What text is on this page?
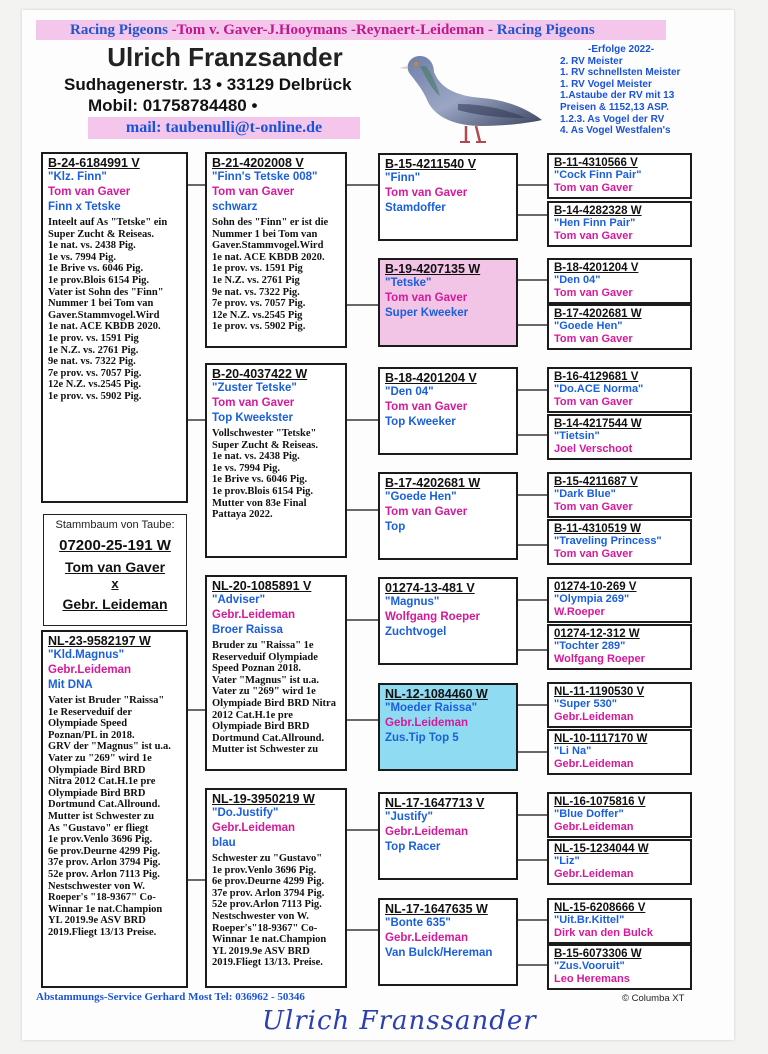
Racing Pigeons -Tom v. Gaver-J.Hooymans -Reynaert-Leideman - Racing Pigeons
Ulrich Franzsander
Sudhagenerstr. 13 • 33129 Delbrück
Mobil: 01758784480 •
mail: taubenulli@t-online.de
-Erfolge 2022-
2. RV Meister
1. RV schnellsten Meister
1. RV Vogel Meister
1.Astaube der RV mit 13
Preisen & 1152,13 ASP.
1.2.3. As Vogel der RV
4. As Vogel Westfalen's
B-24-6184991 V
"Klz. Finn"
Tom van Gaver
Finn x Tetske
Inteelt auf As "Tetske" ein
Super Zucht & Reiseas.
1e nat. vs. 2438 Pig.
1e vs. 7994 Pig.
1e Brive vs. 6046 Pig.
1e prov.Blois 6154 Pig.
Vater ist Sohn des "Finn"
Nummer 1 bei Tom van
Gaver.Stammvogel.Wird
1e nat. ACE KBDB 2020.
1e prov. vs. 1591 Pig
1e N.Z. vs. 2761 Pig.
9e nat. vs. 7322 Pig.
7e prov. vs. 7057 Pig.
12e N.Z. vs.2545 Pig.
1e prov. vs. 5902 Pig.
Stammbaum von Taube:
07200-25-191 W
Tom van Gaver
x
Gebr. Leideman
NL-23-9582197 W
"Kld.Magnus"
Gebr.Leideman
Mit DNA
Vater ist Bruder "Raissa"
1e Reserveduif der
Olympiade Speed
Poznan/PL in 2018.
GRV der "Magnus" ist u.a.
Vater zu "269" wird 1e
Olympiade Bird BRD
Nitra 2012 Cat.H.1e pre
Olympiade Bird BRD
Dortmund Cat.Allround.
Mutter ist Schwester zu
As "Gustavo" er fliegt
1e prov.Venlo 3696 Pig.
6e prov.Deurne 4299 Pig.
37e prov. Arlon 3794 Pig.
52e prov. Arlon 7113 Pig.
Nestschwester von W.
Roeper's "18-9367" Co-
Winnar 1e nat.Champion
YL 2019.9e ASV BRD
2019.Fliegt 13/13 Preise.
B-21-4202008 V
"Finn's Tetske 008"
Tom van Gaver
schwarz
Sohn des "Finn" er ist die
Nummer 1 bei Tom van
Gaver.Stammvogel.Wird
1e nat. ACE KBDB 2020.
1e prov. vs. 1591 Pig
1e N.Z. vs. 2761 Pig
9e nat. vs. 7322 Pig.
7e prov. vs. 7057 Pig.
12e N.Z. vs.2545 Pig
1e prov. vs. 5902 Pig.
B-20-4037422 W
"Zuster Tetske"
Tom van Gaver
Top Kweekster
Vollschwester "Tetske"
Super Zucht & Reiseas.
1e nat. vs. 2438 Pig.
1e vs. 7994 Pig.
1e Brive vs. 6046 Pig.
1e prov.Blois 6154 Pig.
Mutter von 83e Final
Pattaya 2022.
NL-20-1085891 V
"Adviser"
Gebr.Leideman
Broer Raissa
Bruder zu "Raissa" 1e
Reserveduif Olympiade
Speed Poznan 2018.
Vater "Magnus" ist u.a.
Vater zu "269" wird 1e
Olympiade Bird BRD Nitra
2012 Cat.H.1e pre
Olympiade Bird BRD
Dortmund Cat.Allround.
Mutter ist Schwester zu
NL-19-3950219 W
"Do.Justify"
Gebr.Leideman
blau
Schwester zu "Gustavo"
1e prov.Venlo 3696 Pig.
6e prov.Deurne 4299 Pig.
37e prov. Arlon 3794 Pig.
52e prov.Arlon 7113 Pig.
Nestschwester von W.
Roeper's"18-9367" Co-
Winnar 1e nat.Champion
YL 2019.9e ASV BRD
2019.Fliegt 13/13. Preise.
B-15-4211540 V
"Finn"
Tom van Gaver
Stamdoffer
B-19-4207135 W
"Tetske"
Tom van Gaver
Super Kweeker
B-18-4201204 V
"Den 04"
Tom van Gaver
Top Kweeker
B-17-4202681 W
"Goede Hen"
Tom van Gaver
Top
01274-13-481 V
"Magnus"
Wolfgang Roeper
Zuchtvogel
NL-12-1084460 W
"Moeder Raissa"
Gebr.Leideman
Zus.Tip Top 5
NL-17-1647713 V
"Justify"
Gebr.Leideman
Top Racer
NL-17-1647635 W
"Bonte 635"
Gebr.Leideman
Van Bulck/Hereman
B-11-4310566 V
"Cock Finn Pair"
Tom van Gaver
B-14-4282328 W
"Hen Finn Pair"
Tom van Gaver
B-18-4201204 V
"Den 04"
Tom van Gaver
B-17-4202681 W
"Goede Hen"
Tom van Gaver
B-16-4129681 V
"Do.ACE Norma"
Tom van Gaver
B-14-4217544 W
"Tietsin"
Joel Verschoot
B-15-4211687 V
"Dark Blue"
Tom van Gaver
B-11-4310519 W
"Traveling Princess"
Tom van Gaver
01274-10-269 V
"Olympia 269"
W.Roeper
01274-12-312 W
"Tochter 289"
Wolfgang Roeper
NL-11-1190530 V
"Super 530"
Gebr.Leideman
NL-10-1117170 W
"Li Na"
Gebr.Leideman
NL-16-1075816 V
"Blue Doffer"
Gebr.Leideman
NL-15-1234044 W
"Liz"
Gebr.Leideman
NL-15-6208666 V
"Uit.Br.Kittel"
Dirk van den Bulck
B-15-6073306 W
"Zus.Vooruit"
Leo Heremans
Abstammungs-Service Gerhard Most Tel: 036962 - 50346	© Columba XT
Ulrich Franssander
